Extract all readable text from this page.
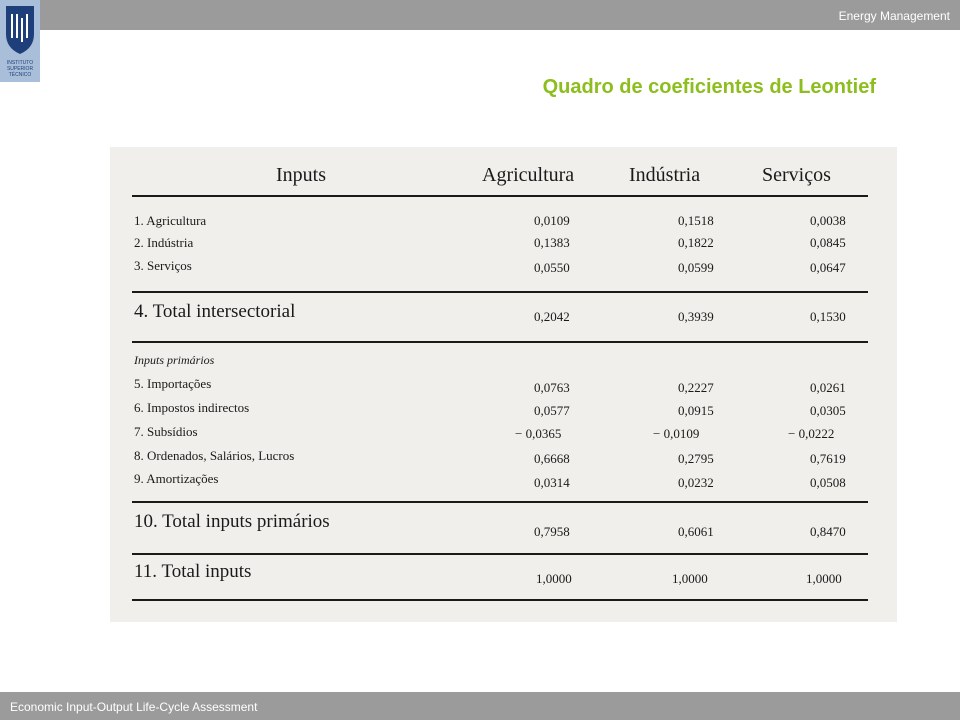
Energy Management
INSTITUTO
SUPERIOR
TÉCNICO
Quadro de coeficientes de Leontief
Inputs	Agricultura	Indústria	Serviços
1. Agricultura	0,0109	0,1518	0,0038
2. Indústria	0,1383	0,1822	0,0845
3. Serviços	0,0550	0,0599	0,0647
4. Total intersectorial	0,2042	0,3939	0,1530
Inputs primários
5. Importações	0,0763	0,2227	0,0261
6. Impostos indirectos	0,0577	0,0915	0,0305
7. Subsídios	− 0,0365	− 0,0109	− 0,0222
8. Ordenados, Salários, Lucros	0,6668	0,2795	0,7619
9. Amortizações	0,0314	0,0232	0,0508
10. Total inputs primários	0,7958	0,6061	0,8470
11. Total inputs	1,0000	1,0000	1,0000
Economic Input-Output Life-Cycle Assessment
